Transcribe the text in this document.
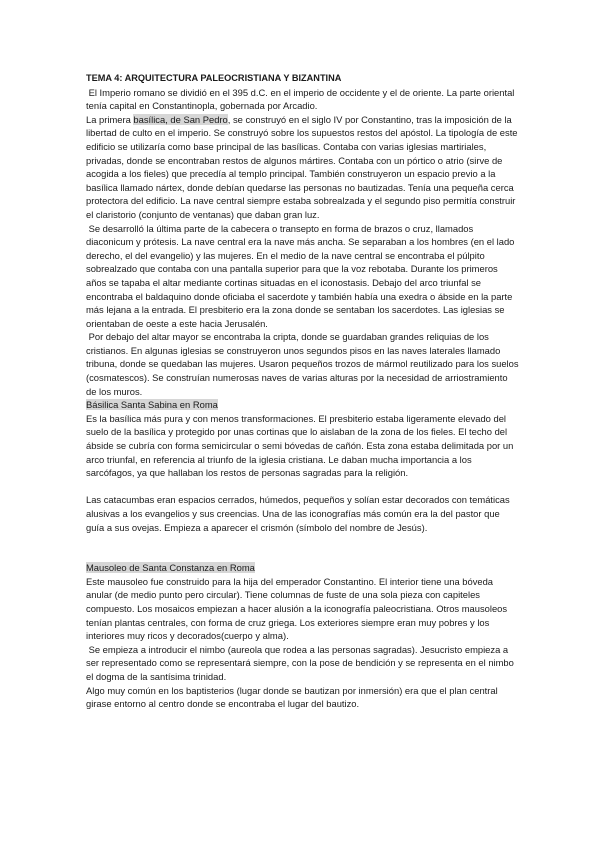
TEMA 4: ARQUITECTURA PALEOCRISTIANA Y BIZANTINA

El Imperio romano se dividió en el 395 d.C. en el imperio de occidente y el de oriente. La parte oriental tenía capital en Constantinopla, gobernada por Arcadio.

La primera basílica, de San Pedro, se construyó en el siglo IV por Constantino, tras la imposición de la libertad de culto en el imperio. Se construyó sobre los supuestos restos del apóstol. La tipología de este edificio se utilizaría como base principal de las basílicas. Contaba con varias iglesias martiriales, privadas, donde se encontraban restos de algunos mártires. Contaba con un pórtico o atrio (sirve de acogida a los fieles) que precedía al templo principal. También construyeron un espacio previo a la basílica llamado nártex, donde debían quedarse las personas no bautizadas. Tenía una pequeña cerca protectora del edificio. La nave central siempre estaba sobrealzada y el segundo piso permitía construir el claristorio (conjunto de ventanas) que daban gran luz.

Se desarrolló la última parte de la cabecera o transepto en forma de brazos o cruz, llamados diaconicum y prótesis. La nave central era la nave más ancha. Se separaban a los hombres (en el lado derecho, el del evangelio) y las mujeres. En el medio de la nave central se encontraba el púlpito sobrealzado que contaba con una pantalla superior para que la voz rebotaba. Durante los primeros años se tapaba el altar mediante cortinas situadas en el iconostasis. Debajo del arco triunfal se encontraba el baldaquino donde oficiaba el sacerdote y también había una exedra o ábside en la parte más lejana a la entrada. El presbiterio era la zona donde se sentaban los sacerdotes. Las iglesias se orientaban de oeste a este hacia Jerusalén.

Por debajo del altar mayor se encontraba la cripta, donde se guardaban grandes reliquias de los cristianos. En algunas iglesias se construyeron unos segundos pisos en las naves laterales llamado tribuna, donde se quedaban las mujeres. Usaron pequeños trozos de mármol reutilizado para los suelos (cosmatescos). Se construían numerosas naves de varias alturas por la necesidad de arriostramiento de los muros.

Básilica Santa Sabina en Roma

Es la basílica más pura y con menos transformaciones. El presbiterio estaba ligeramente elevado del suelo de la basílica y protegido por unas cortinas que lo aislaban de la zona de los fieles. El techo del ábside se cubría con forma semicircular o semi bóvedas de cañón. Esta zona estaba delimitada por un arco triunfal, en referencia al triunfo de la iglesia cristiana. Le daban mucha importancia a los sarcófagos, ya que hallaban los restos de personas sagradas para la religión.

Las catacumbas eran espacios cerrados, húmedos, pequeños y solían estar decorados con temáticas alusivas a los evangelios y sus creencias. Una de las iconografías más común era la del pastor que guía a sus ovejas. Empieza a aparecer el crismón (símbolo del nombre de Jesús).

Mausoleo de Santa Constanza en Roma

Este mausoleo fue construido para la hija del emperador Constantino. El interior tiene una bóveda anular (de medio punto pero circular). Tiene columnas de fuste de una sola pieza con capiteles compuesto. Los mosaicos empiezan a hacer alusión a la iconografía paleocristiana. Otros mausoleos tenían plantas centrales, con forma de cruz griega. Los exteriores siempre eran muy pobres y los interiores muy ricos y decorados(cuerpo y alma).

Se empieza a introducir el nimbo (aureola que rodea a las personas sagradas). Jesucristo empieza a ser representado como se representará siempre, con la pose de bendición y se representa en el nimbo el dogma de la santísima trinidad.

Algo muy común en los baptisterios (lugar donde se bautizan por inmersión) era que el plan central girase entorno al centro donde se encontraba el lugar del bautizo.
